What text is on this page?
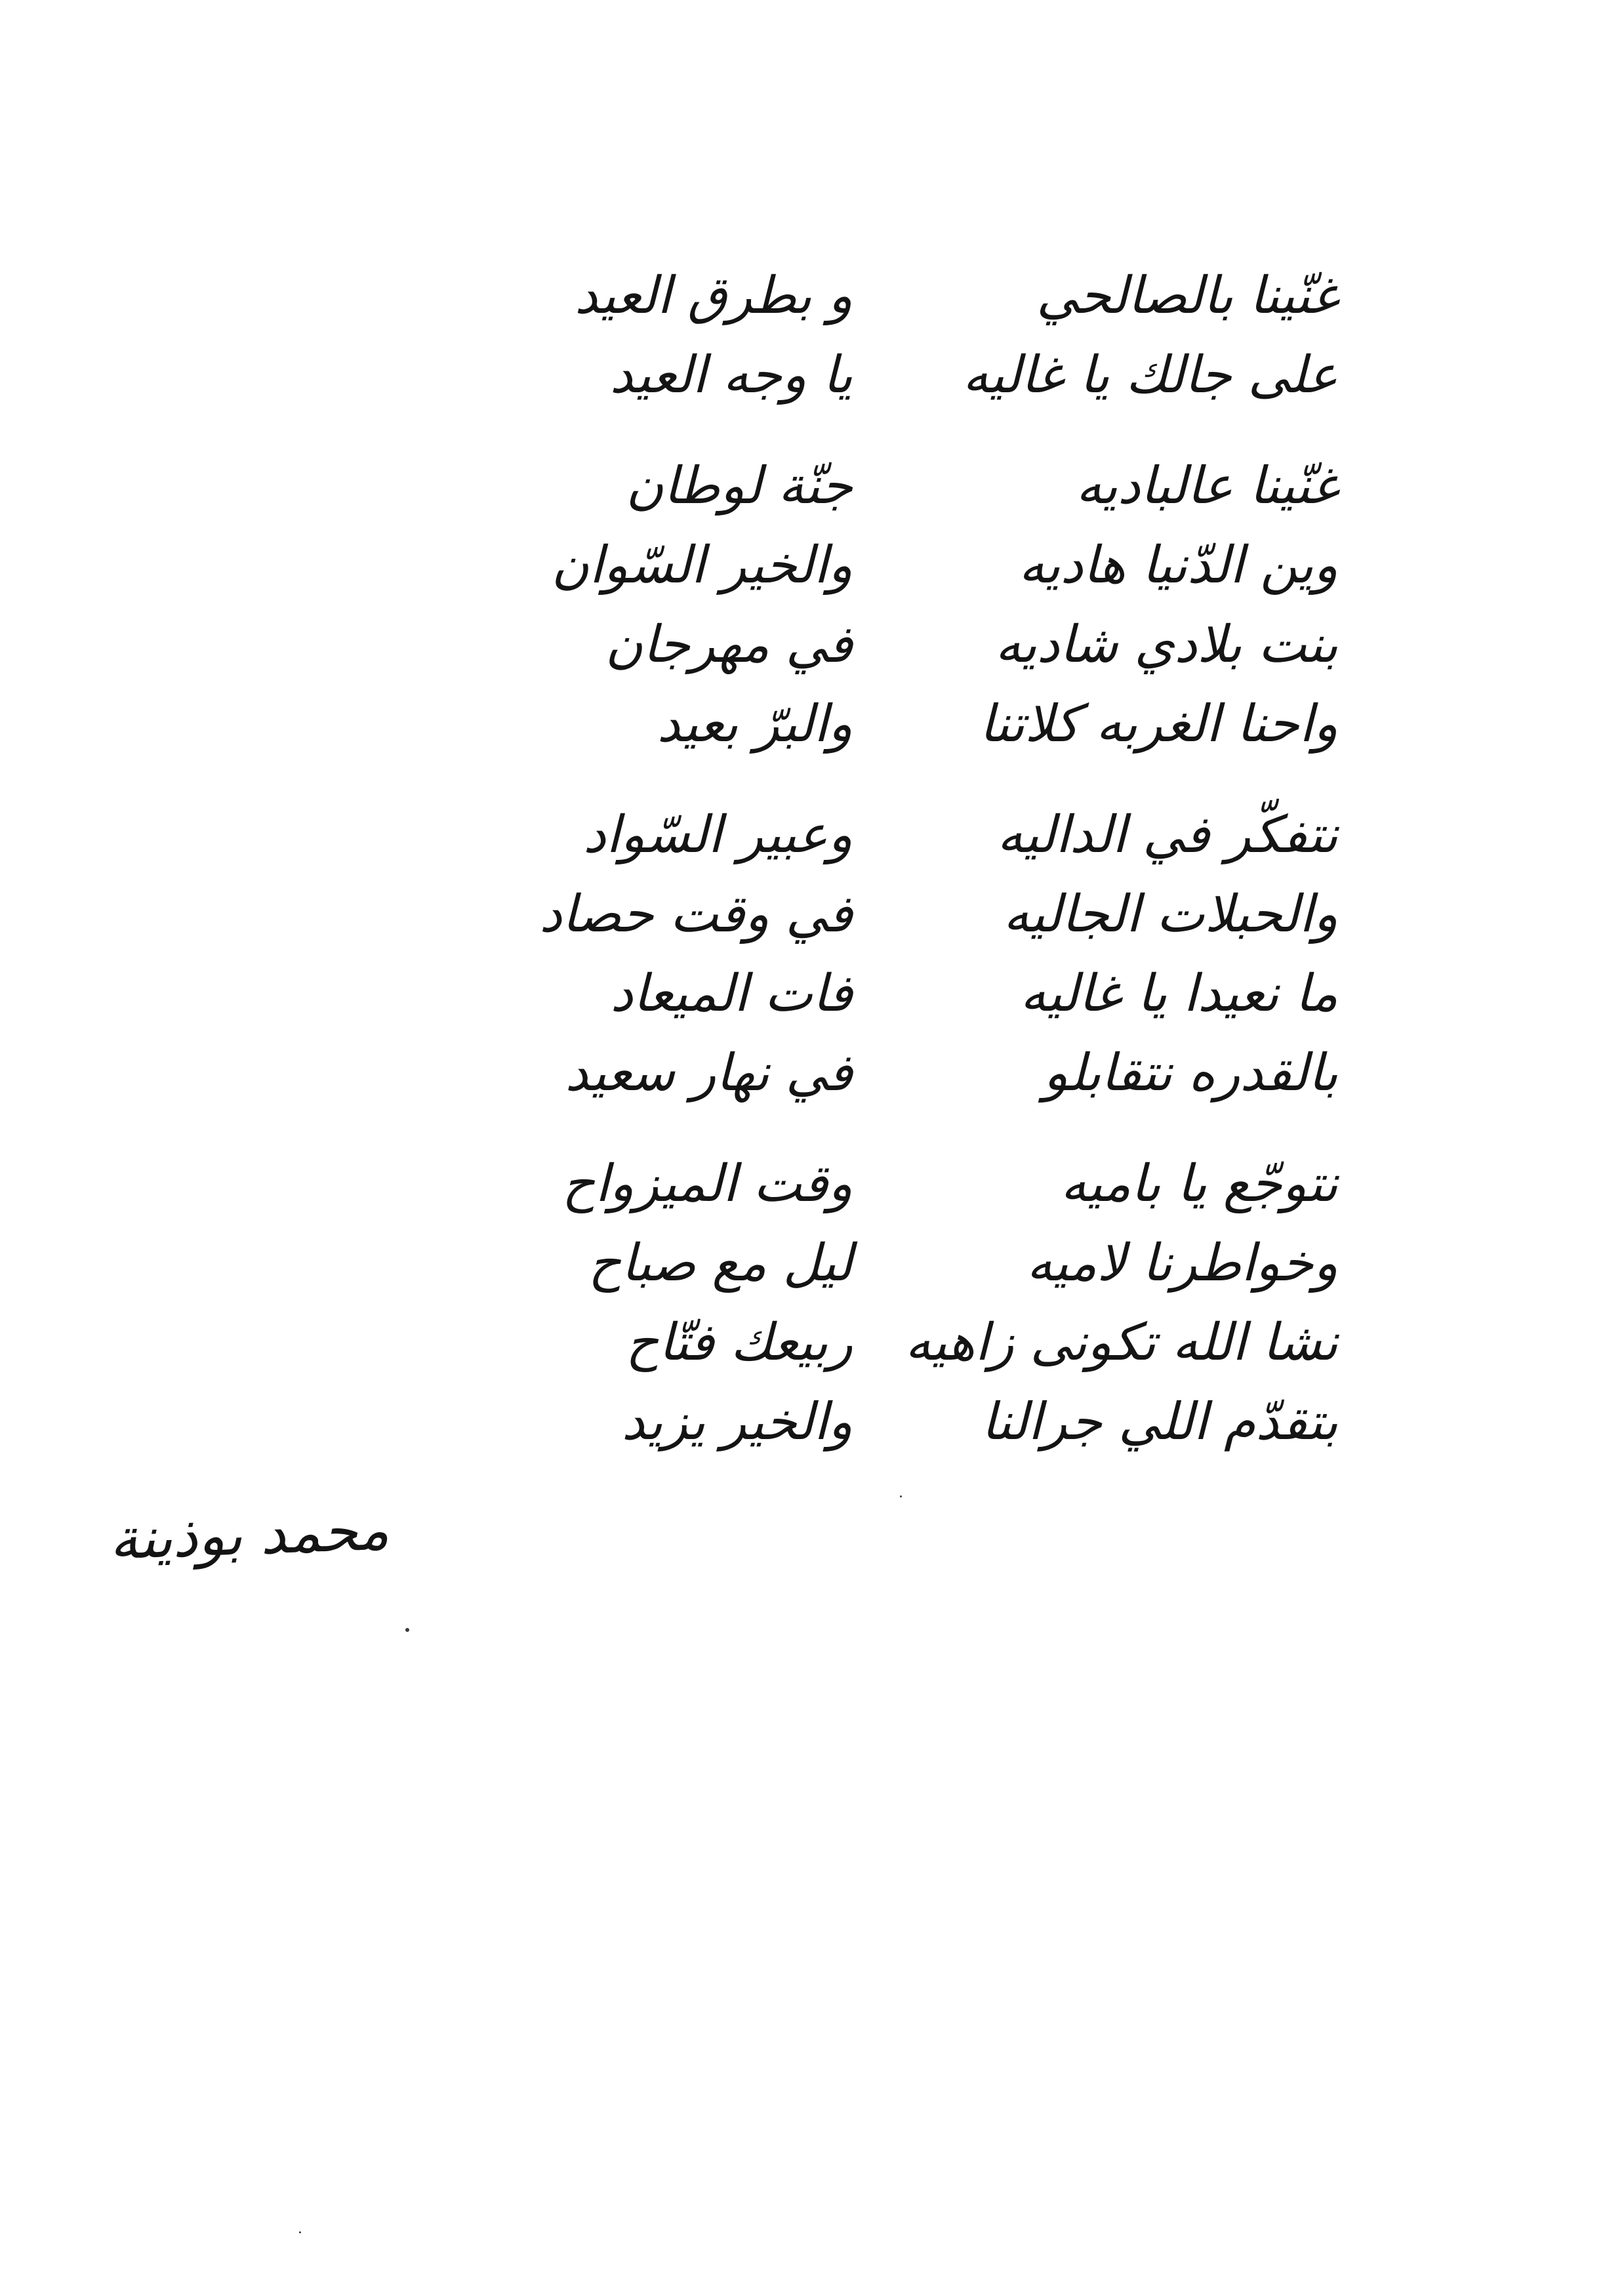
غنّينا بالصالحي
و بطرق العيد
على جالك يا غاليه
يا وجه العيد
غنّينا عالباديه
جنّة لوطان
وين الدّنيا هاديه
والخير السّوان
بنت بلادي شاديه
في مهرجان
واحنا الغربه كلاتنا
والبرّ بعيد
نتفكّر في الداليه
وعبير السّواد
والحبلات الجاليه
في وقت حصاد
ما نعيدا يا غاليه
فات الميعاد
بالقدره نتقابلو
في نهار سعيد
نتوجّع يا باميه
وقت الميزواح
وخواطرنا لاميه
ليل مع صباح
نشا الله تكونى زاهيه
ربيعك فتّاح
بتقدّم اللي جرالنا
والخير يزيد
محمد بوذينة
